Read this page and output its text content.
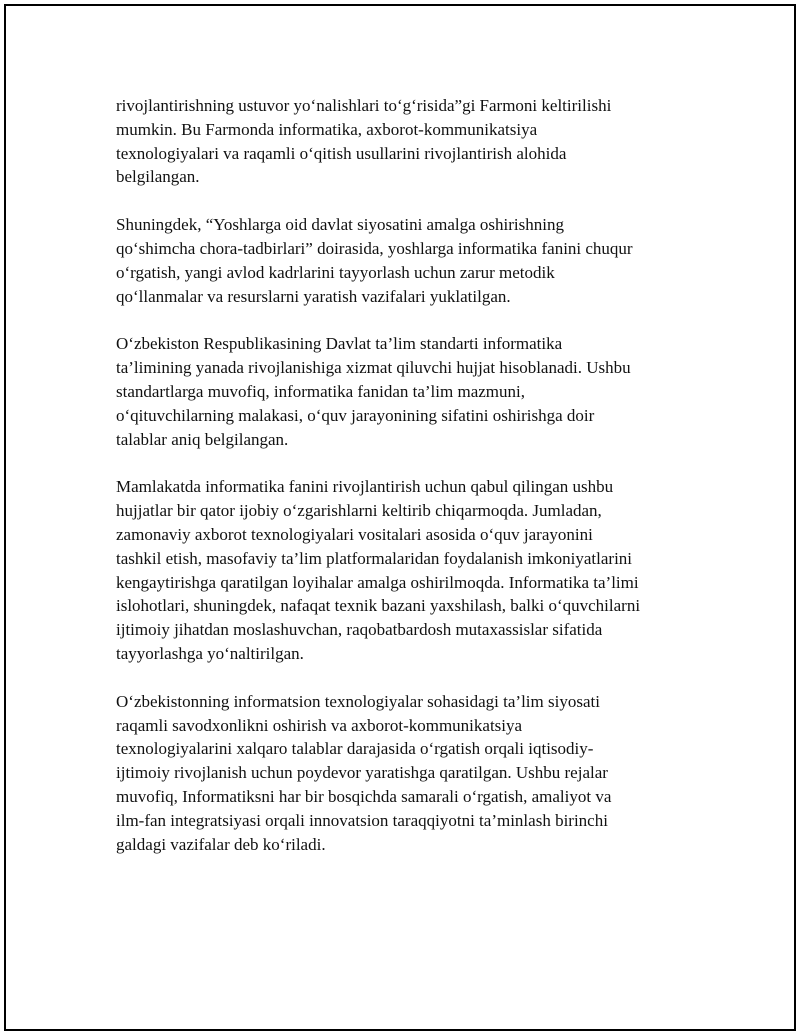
rivojlantirishning ustuvor yo‘nalishlari to‘g‘risida”gi Farmoni keltirilishi
mumkin. Bu Farmonda informatika, axborot-kommunikatsiya
texnologiyalari va raqamli o‘qitish usullarini rivojlantirish alohida
belgilangan.

Shuningdek, “Yoshlarga oid davlat siyosatini amalga oshirishning
qo‘shimcha chora-tadbirlari” doirasida, yoshlarga informatika fanini chuqur
o‘rgatish, yangi avlod kadrlarini tayyorlash uchun zarur metodik
qo‘llanmalar va resurslarni yaratish vazifalari yuklatilgan.

O‘zbekiston Respublikasining Davlat ta’lim standarti informatika
ta’limining yanada rivojlanishiga xizmat qiluvchi hujjat hisoblanadi. Ushbu
standartlarga muvofiq, informatika fanidan ta’lim mazmuni,
o‘qituvchilarning malakasi, o‘quv jarayonining sifatini oshirishga doir
talablar aniq belgilangan.

Mamlakatda informatika fanini rivojlantirish uchun qabul qilingan ushbu
hujjatlar bir qator ijobiy o‘zgarishlarni keltirib chiqarmoqda. Jumladan,
zamonaviy axborot texnologiyalari vositalari asosida o‘quv jarayonini
tashkil etish, masofaviy ta’lim platformalaridan foydalanish imkoniyatlarini
kengaytirishga qaratilgan loyihalar amalga oshirilmoqda. Informatika ta’limi
islohotlari, shuningdek, nafaqat texnik bazani yaxshilash, balki o‘quvchilarni
ijtimoiy jihatdan moslashuvchan, raqobatbardosh mutaxassislar sifatida
tayyorlashga yo‘naltirilgan.

O‘zbekistonning informatsion texnologiyalar sohasidagi ta’lim siyosati
raqamli savodxonlikni oshirish va axborot-kommunikatsiya
texnologiyalarini xalqaro talablar darajasida o‘rgatish orqali iqtisodiy-
ijtimoiy rivojlanish uchun poydevor yaratishga qaratilgan. Ushbu rejalar
muvofiq, Informatiksni har bir bosqichda samarali o‘rgatish, amaliyot va
ilm-fan integratsiyasi orqali innovatsion taraqqiyotni ta’minlash birinchi
galdagi vazifalar deb ko‘riladi.
